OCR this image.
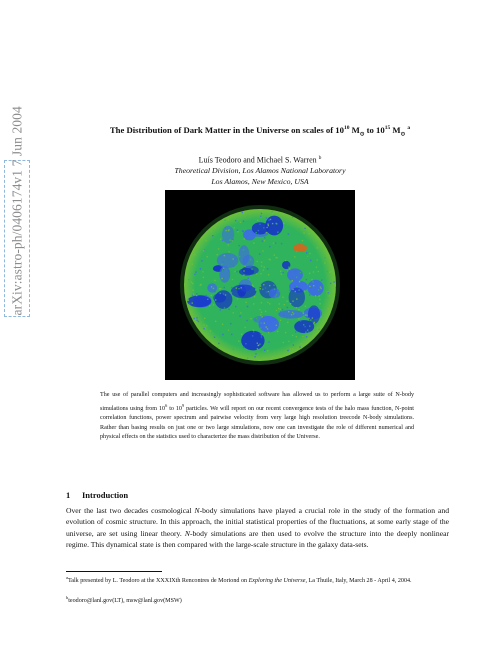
arXiv:astro-ph/0406174v1 7 Jun 2004	The Distribution of Dark Matter in the Universe on scales of $10^{10}$ $M_⊙$ to $10^{15}$ $M_⊙$ $^a$
Luís Teodoro and Michael S. Warren $^b$
Theoretical Division, Los Alamos National Laboratory
Los Alamos, New Mexico, USA
The use of parallel computers and increasingly sophisticated software has allowed us to perform a large suite of N-body simulations using from $10^6$ to $10^9$ particles. We will report on our recent convergence tests of the halo mass function, N-point correlation functions, power spectrum and pairwise velocity from very large high resolution treecode N-body simulations. Rather than basing results on just one or two large simulations, now one can investigate the role of different numerical and physical effects on the statistics used to characterize the mass distribution of the Universe.
1 Introduction
Over the last two decades cosmological N-body simulations have played a crucial role in the study of the formation and evolution of cosmic structure. In this approach, the initial statistical properties of the fluctuations, at some early stage of the universe, are set using linear theory. N-body simulations are then used to evolve the structure into the deeply nonlinear regime. This dynamical state is then compared with the large-scale structure in the galaxy data-sets.
$^a$Talk presented by L. Teodoro at the XXXIXth Rencontres de Moriond on Exploring the Universe, La Thuile, Italy, March 28 - April 4, 2004.
$^b$teodoro@lanl.gov(LT), msw@lanl.gov(MSW)
